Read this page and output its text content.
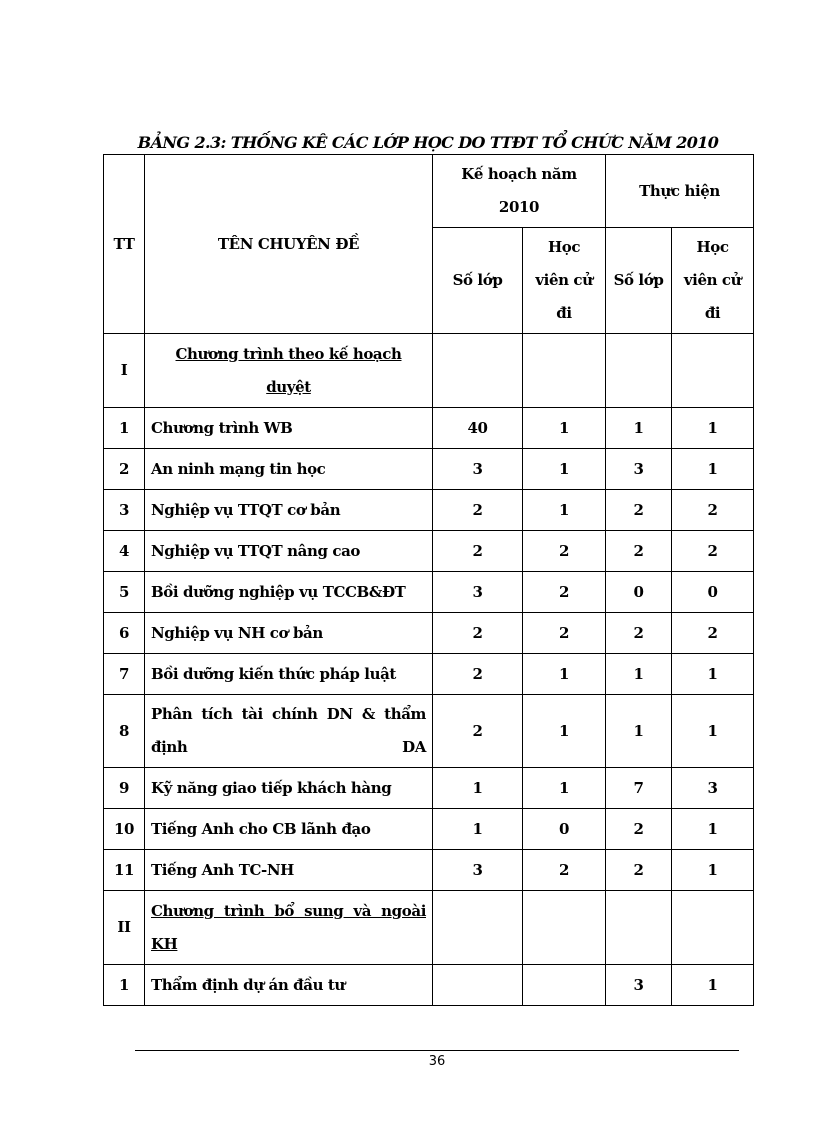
BẢNG 2.3: THỐNG KÊ CÁC LỚP HỌC DO TTĐT TỔ CHỨC NĂM 2010
TT	TÊN CHUYÊN ĐỀ	Kế hoạch năm 2010		Thực hiện	
		Số lớp	Học viên cử đi	Số lớp	Học viên cử đi
I	Chương trình theo kế hoạch duyệt				
1	Chương trình WB	40	1	1	1
2	An ninh mạng tin học	3	1	3	1
3	Nghiệp vụ TTQT cơ bản	2	1	2	2
4	Nghiệp vụ TTQT nâng cao	2	2	2	2
5	Bồi dưỡng nghiệp vụ TCCB&ĐT	3	2	0	0
6	Nghiệp vụ NH cơ bản	2	2	2	2
7	Bồi dưỡng kiến thức pháp luật	2	1	1	1
8	Phân tích tài chính DN & thẩm định DA	2	1	1	1
9	Kỹ năng giao tiếp khách hàng	1	1	7	3
10	Tiếng Anh cho CB lãnh đạo	1	0	2	1
11	Tiếng Anh TC-NH	3	2	2	1
II	Chương trình bổ sung và ngoài KH				
1	Thẩm định dự án đầu tư			3	1
36
